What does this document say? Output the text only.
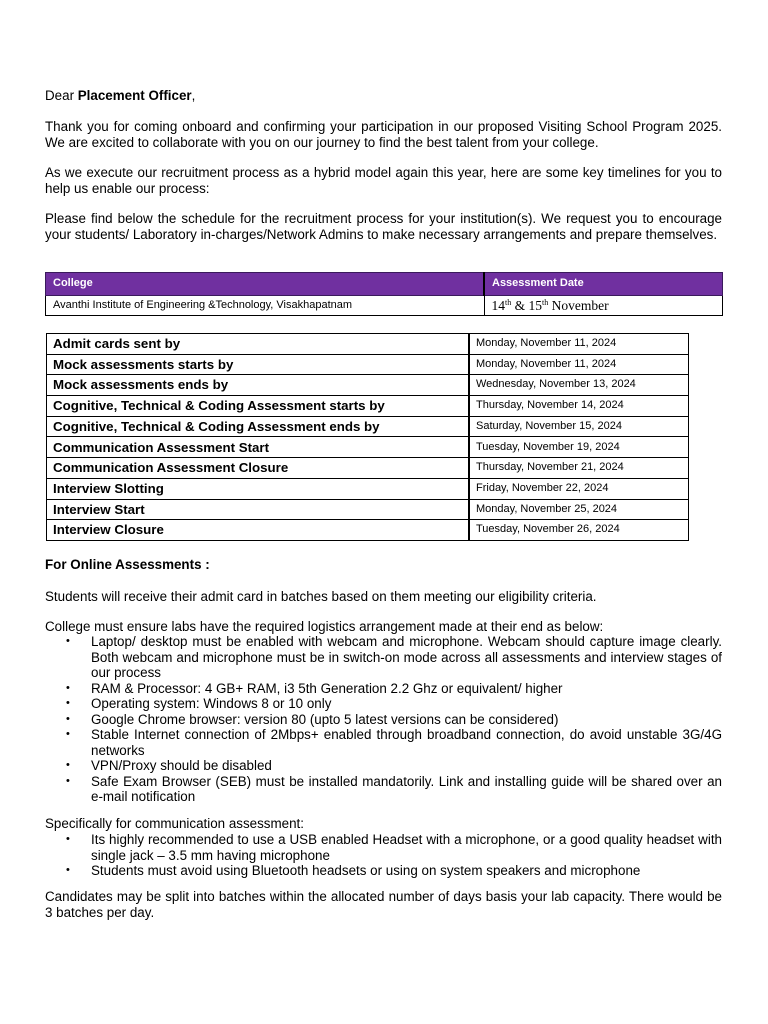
Dear Placement Officer,

Thank you for coming onboard and confirming your participation in our proposed Visiting School Program 2025. We are excited to collaborate with you on our journey to find the best talent from your college.

As we execute our recruitment process as a hybrid model again this year, here are some key timelines for you to help us enable our process:

Please find below the schedule for the recruitment process for your institution(s). We request you to encourage your students/ Laboratory in-charges/Network Admins to make necessary arrangements and prepare themselves.

College	Assessment Date
Avanthi Institute of Engineering &Technology, Visakhapatnam	14th & 15th November
Admit cards sent by	Monday, November 11, 2024
Mock assessments starts by	Monday, November 11, 2024
Mock assessments ends by	Wednesday, November 13, 2024
Cognitive, Technical & Coding Assessment starts by	Thursday, November 14, 2024
Cognitive, Technical & Coding Assessment ends by	Saturday, November 15, 2024
Communication Assessment Start	Tuesday, November 19, 2024
Communication Assessment Closure	Thursday, November 21, 2024
Interview Slotting	Friday, November 22, 2024
Interview Start	Monday, November 25, 2024
Interview Closure	Tuesday, November 26, 2024

For Online Assessments :

Students will receive their admit card in batches based on them meeting our eligibility criteria.

College must ensure labs have the required logistics arrangement made at their end as below:

• Laptop/ desktop must be enabled with webcam and microphone. Webcam should capture image clearly. Both webcam and microphone must be in switch-on mode across all assessments and interview stages of our process
• RAM & Processor: 4 GB+ RAM, i3 5th Generation 2.2 Ghz or equivalent/ higher
• Operating system: Windows 8 or 10 only
• Google Chrome browser: version 80 (upto 5 latest versions can be considered)
• Stable Internet connection of 2Mbps+ enabled through broadband connection, do avoid unstable 3G/4G networks
• VPN/Proxy should be disabled
• Safe Exam Browser (SEB) must be installed mandatorily. Link and installing guide will be shared over an e-mail notification

Specifically for communication assessment:

• Its highly recommended to use a USB enabled Headset with a microphone, or a good quality headset with single jack – 3.5 mm having microphone
• Students must avoid using Bluetooth headsets or using on system speakers and microphone

Candidates may be split into batches within the allocated number of days basis your lab capacity. There would be 3 batches per day.
